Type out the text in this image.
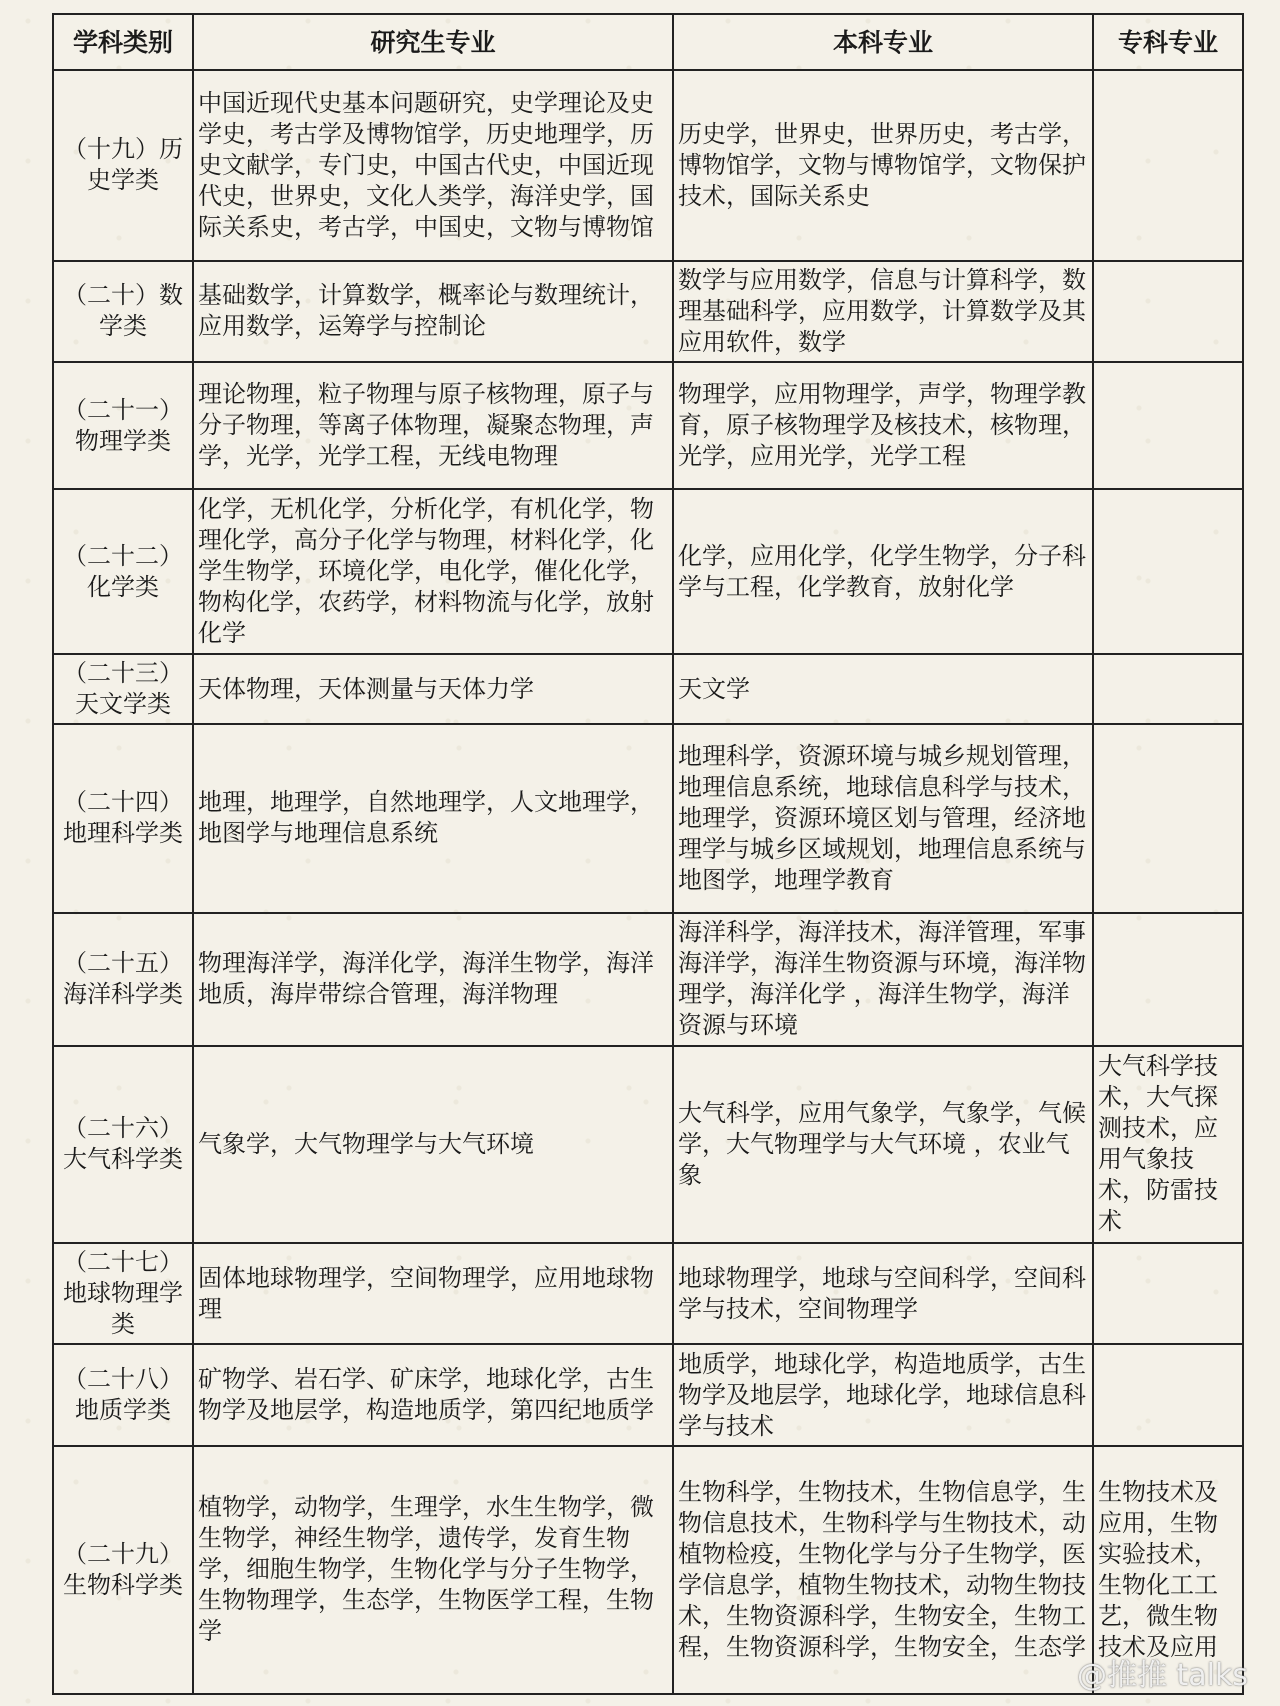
学科类别	研究生专业	本科专业	专科专业
（十九）历史学类	中国近现代史基本问题研究，史学理论及史学史，考古学及博物馆学，历史地理学，历史文献学，专门史，中国古代史，中国近现代史，世界史，文化人类学，海洋史学，国际关系史，考古学，中国史，文物与博物馆	历史学，世界史，世界历史，考古学，博物馆学，文物与博物馆学，文物保护技术，国际关系史	
（二十）数学类	基础数学，计算数学，概率论与数理统计，应用数学，运筹学与控制论	数学与应用数学，信息与计算科学，数理基础科学，应用数学，计算数学及其应用软件，数学	
（二十一）物理学类	理论物理，粒子物理与原子核物理，原子与分子物理，等离子体物理，凝聚态物理，声学，光学，光学工程，无线电物理	物理学，应用物理学，声学，物理学教育，原子核物理学及核技术，核物理，光学，应用光学，光学工程	
（二十二）化学类	化学，无机化学，分析化学，有机化学，物理化学，高分子化学与物理，材料化学，化学生物学，环境化学，电化学，催化化学，物构化学，农药学，材料物流与化学，放射化学	化学，应用化学，化学生物学，分子科学与工程，化学教育，放射化学	
（二十三）天文学类	天体物理，天体测量与天体力学	天文学	
（二十四）地理科学类	地理，地理学，自然地理学，人文地理学，地图学与地理信息系统	地理科学，资源环境与城乡规划管理，地理信息系统，地球信息科学与技术，地理学，资源环境区划与管理，经济地理学与城乡区域规划，地理信息系统与地图学，地理学教育	
（二十五）海洋科学类	物理海洋学，海洋化学，海洋生物学，海洋地质，海岸带综合管理，海洋物理	海洋科学，海洋技术，海洋管理，军事海洋学，海洋生物资源与环境，海洋物理学，海洋化学 ，海洋生物学，海洋资源与环境	
（二十六）大气科学类	气象学，大气物理学与大气环境	大气科学，应用气象学，气象学，气候学，大气物理学与大气环境 ，农业气象	大气科学技术，大气探测技术，应用气象技术，防雷技术
（二十七）地球物理学类	固体地球物理学，空间物理学，应用地球物理	地球物理学，地球与空间科学，空间科学与技术，空间物理学	
（二十八）地质学类	矿物学、岩石学、矿床学，地球化学，古生物学及地层学，构造地质学，第四纪地质学	地质学，地球化学，构造地质学，古生物学及地层学，地球化学，地球信息科学与技术	
（二十九）生物科学类	植物学，动物学，生理学，水生生物学，微生物学，神经生物学，遗传学，发育生物学，细胞生物学，生物化学与分子生物学，生物物理学，生态学，生物医学工程，生物学	生物科学，生物技术，生物信息学，生物信息技术，生物科学与生物技术，动植物检疫，生物化学与分子生物学，医学信息学，植物生物技术，动物生物技术，生物资源科学，生物安全，生物工程，生物资源科学，生物安全，生态学	生物技术及应用，生物实验技术，生物化工工艺，微生物技术及应用
@推推 talks
